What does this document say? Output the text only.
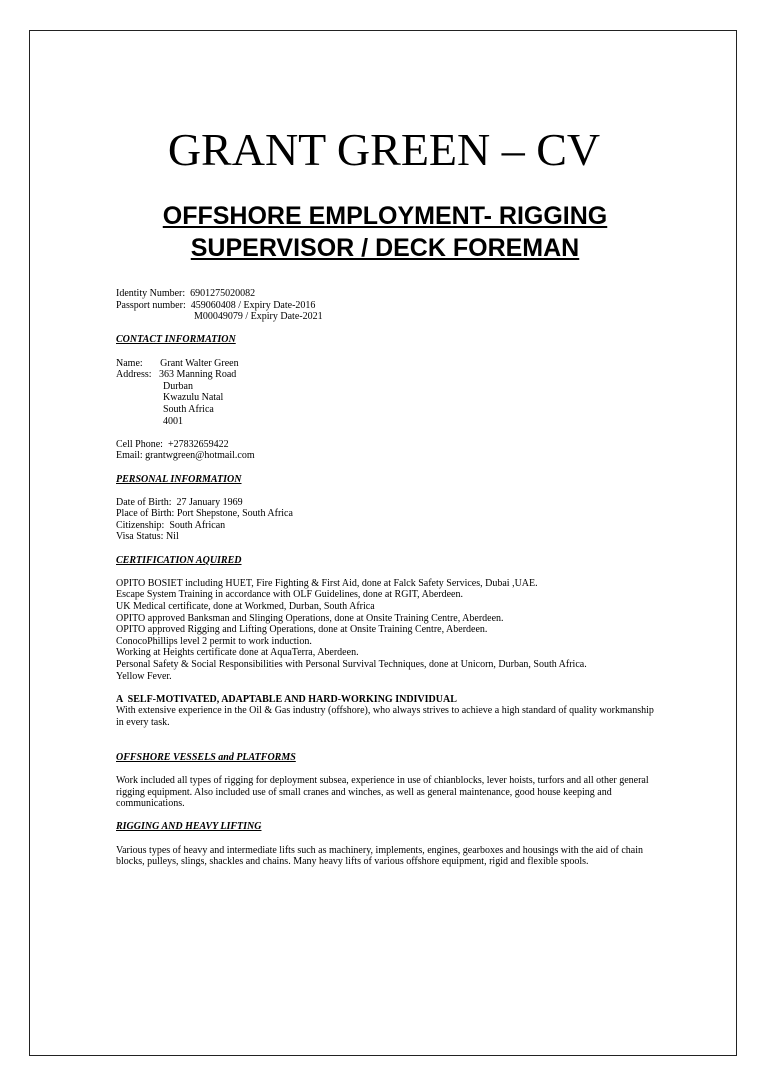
GRANT GREEN – CV
OFFSHORE EMPLOYMENT- RIGGING
SUPERVISOR / DECK FOREMAN
Identity Number:  6901275020082
Passport number:  459060408 / Expiry Date-2016
M00049079 / Expiry Date-2021
CONTACT INFORMATION
Name:       Grant Walter Green
Address:   363 Manning Road
Durban
Kwazulu Natal
South Africa
4001
Cell Phone:  +27832659422
Email: grantwgreen@hotmail.com
PERSONAL INFORMATION
Date of Birth:  27 January 1969
Place of Birth: Port Shepstone, South Africa
Citizenship:  South African
Visa Status: Nil
CERTIFICATION AQUIRED
OPITO BOSIET including HUET, Fire Fighting & First Aid, done at Falck Safety Services, Dubai ,UAE.
Escape System Training in accordance with OLF Guidelines, done at RGIT, Aberdeen.
UK Medical certificate, done at Workmed, Durban, South Africa
OPITO approved Banksman and Slinging Operations, done at Onsite Training Centre, Aberdeen.
OPITO approved Rigging and Lifting Operations, done at Onsite Training Centre, Aberdeen.
ConocoPhillips level 2 permit to work induction.
Working at Heights certificate done at AquaTerra, Aberdeen.
Personal Safety & Social Responsibilities with Personal Survival Techniques, done at Unicorn, Durban, South Africa.
Yellow Fever.
A  SELF-MOTIVATED, ADAPTABLE AND HARD-WORKING INDIVIDUAL
With extensive experience in the Oil & Gas industry (offshore), who always strives to achieve a high standard of quality workmanship in every task.
OFFSHORE VESSELS and PLATFORMS
Work included all types of rigging for deployment subsea, experience in use of chianblocks, lever hoists, turfors and all other general rigging equipment. Also included use of small cranes and winches, as well as general maintenance, good house keeping and communications.
RIGGING AND HEAVY LIFTING
Various types of heavy and intermediate lifts such as machinery, implements, engines, gearboxes and housings with the aid of chain blocks, pulleys, slings, shackles and chains. Many heavy lifts of various offshore equipment, rigid and flexible spools.
